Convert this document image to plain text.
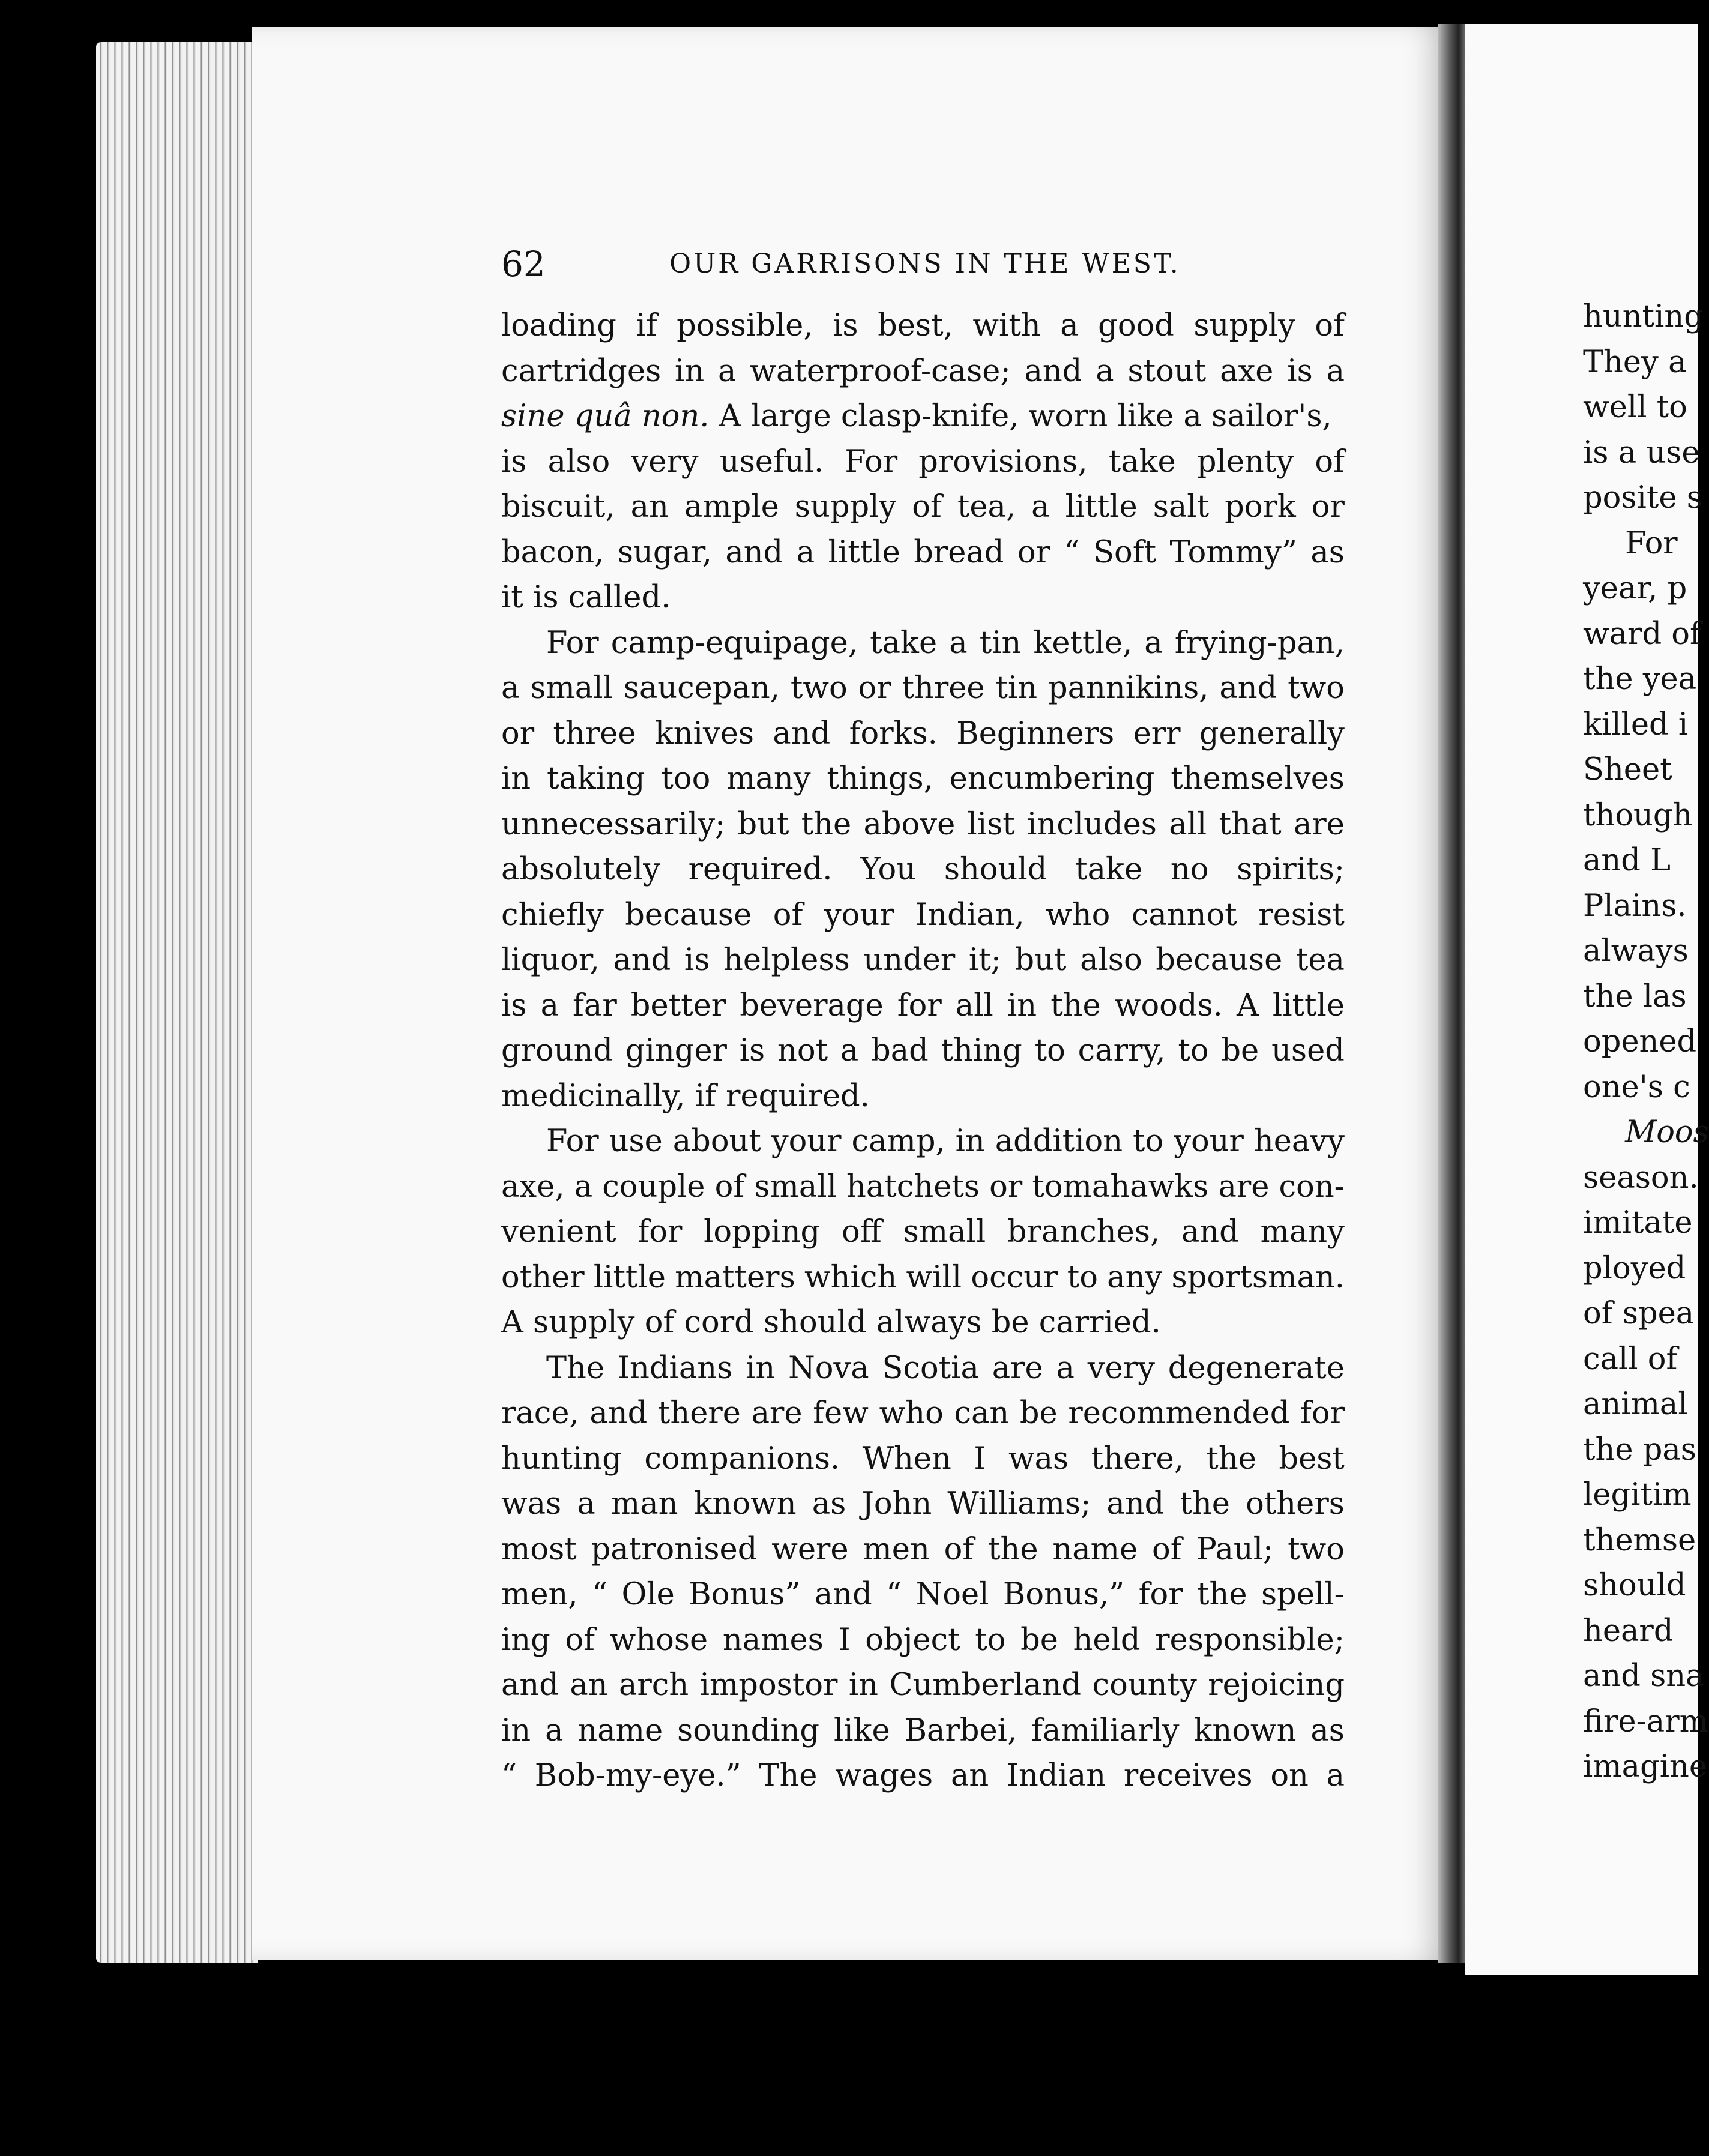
62	OUR GARRISONS IN THE WEST.
loading if possible, is best, with a good supply of
cartridges in a waterproof-case; and a stout axe is a
sine quâ non. A large clasp-knife, worn like a sailor's,
is also very useful. For provisions, take plenty of
biscuit, an ample supply of tea, a little salt pork or
bacon, sugar, and a little bread or “ Soft Tommy” as
it is called.
For camp-equipage, take a tin kettle, a frying-pan,
a small saucepan, two or three tin pannikins, and two
or three knives and forks. Beginners err generally
in taking too many things, encumbering themselves
unnecessarily; but the above list includes all that are
absolutely required. You should take no spirits;
chiefly because of your Indian, who cannot resist
liquor, and is helpless under it; but also because tea
is a far better beverage for all in the woods. A little
ground ginger is not a bad thing to carry, to be used
medicinally, if required.
For use about your camp, in addition to your heavy
axe, a couple of small hatchets or tomahawks are con-
venient for lopping off small branches, and many
other little matters which will occur to any sportsman.
A supply of cord should always be carried.
The Indians in Nova Scotia are a very degenerate
race, and there are few who can be recommended for
hunting companions. When I was there, the best
was a man known as John Williams; and the others
most patronised were men of the name of Paul; two
men, “ Ole Bonus” and “ Noel Bonus,” for the spell-
ing of whose names I object to be held responsible;
and an arch impostor in Cumberland county rejoicing
in a name sounding like Barbei, familiarly known as
“ Bob-my-eye.” The wages an Indian receives on a
hunting
They a
well to
is a use
posite s
For
year, p
ward of
the yea
killed i
Sheet
though
and L
Plains.
always
the las
opened
one's c
Moos
season.
imitate
ployed
of spea
call of
animal
the pas
legitim
themse
should
heard
and sna
fire-arm
imagine
